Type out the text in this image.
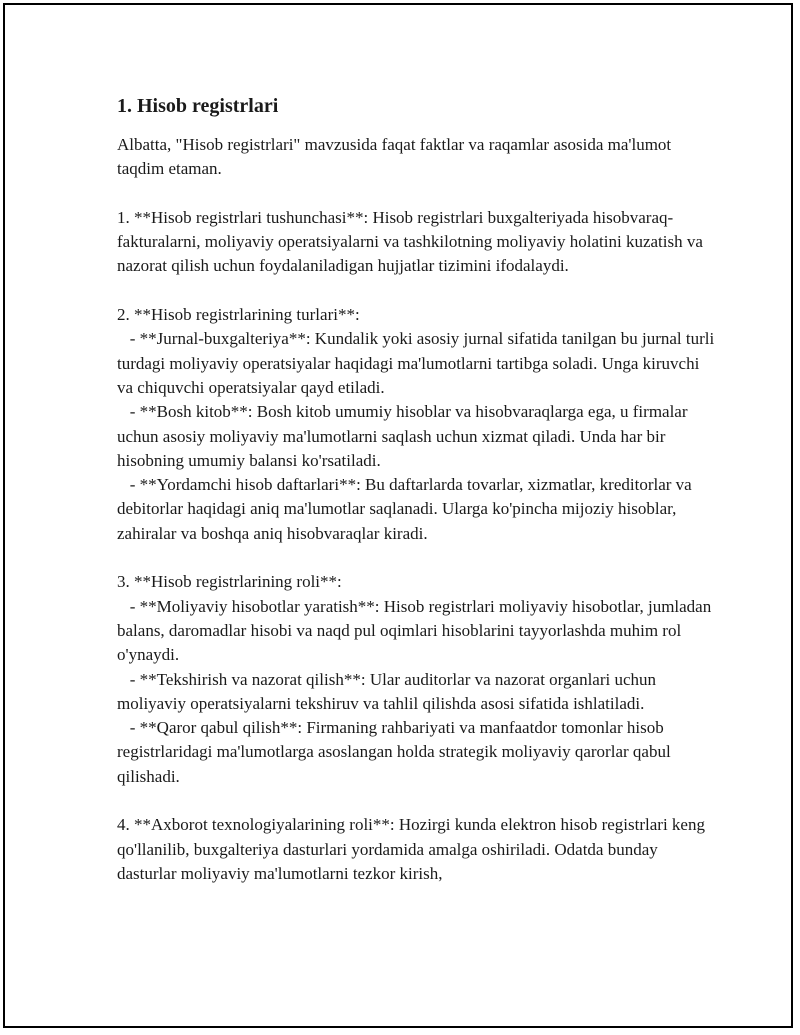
1. Hisob registrlari

Albatta, "Hisob registrlari" mavzusida faqat faktlar va raqamlar asosida ma'lumot taqdim etaman.

1. **Hisob registrlari tushunchasi**: Hisob registrlari buxgalteriyada hisobvaraq-fakturalarni, moliyaviy operatsiyalarni va tashkilotning moliyaviy holatini kuzatish va nazorat qilish uchun foydalaniladigan hujjatlar tizimini ifodalaydi.

2. **Hisob registrlarining turlari**:
- **Jurnal-buxgalteriya**: Kundalik yoki asosiy jurnal sifatida tanilgan bu jurnal turli turdagi moliyaviy operatsiyalar haqidagi ma'lumotlarni tartibga soladi. Unga kiruvchi va chiquvchi operatsiyalar qayd etiladi.
- **Bosh kitob**: Bosh kitob umumiy hisoblar va hisobvaraqlarga ega, u firmalar uchun asosiy moliyaviy ma'lumotlarni saqlash uchun xizmat qiladi. Unda har bir hisobning umumiy balansi ko'rsatiladi.
- **Yordamchi hisob daftarlari**: Bu daftarlarda tovarlar, xizmatlar, kreditorlar va debitorlar haqidagi aniq ma'lumotlar saqlanadi. Ularga ko'pincha mijoziy hisoblar, zahiralar va boshqa aniq hisobvaraqlar kiradi.

3. **Hisob registrlarining roli**:
- **Moliyaviy hisobotlar yaratish**: Hisob registrlari moliyaviy hisobotlar, jumladan balans, daromadlar hisobi va naqd pul oqimlari hisoblarini tayyorlashda muhim rol o'ynaydi.
- **Tekshirish va nazorat qilish**: Ular auditorlar va nazorat organlari uchun moliyaviy operatsiyalarni tekshiruv va tahlil qilishda asosi sifatida ishlatiladi.
- **Qaror qabul qilish**: Firmaning rahbariyati va manfaatdor tomonlar hisob registrlaridagi ma'lumotlarga asoslangan holda strategik moliyaviy qarorlar qabul qilishadi.

4. **Axborot texnologiyalarining roli**: Hozirgi kunda elektron hisob registrlari keng qo'llanilib, buxgalteriya dasturlari yordamida amalga oshiriladi. Odatda bunday dasturlar moliyaviy ma'lumotlarni tezkor kirish,
